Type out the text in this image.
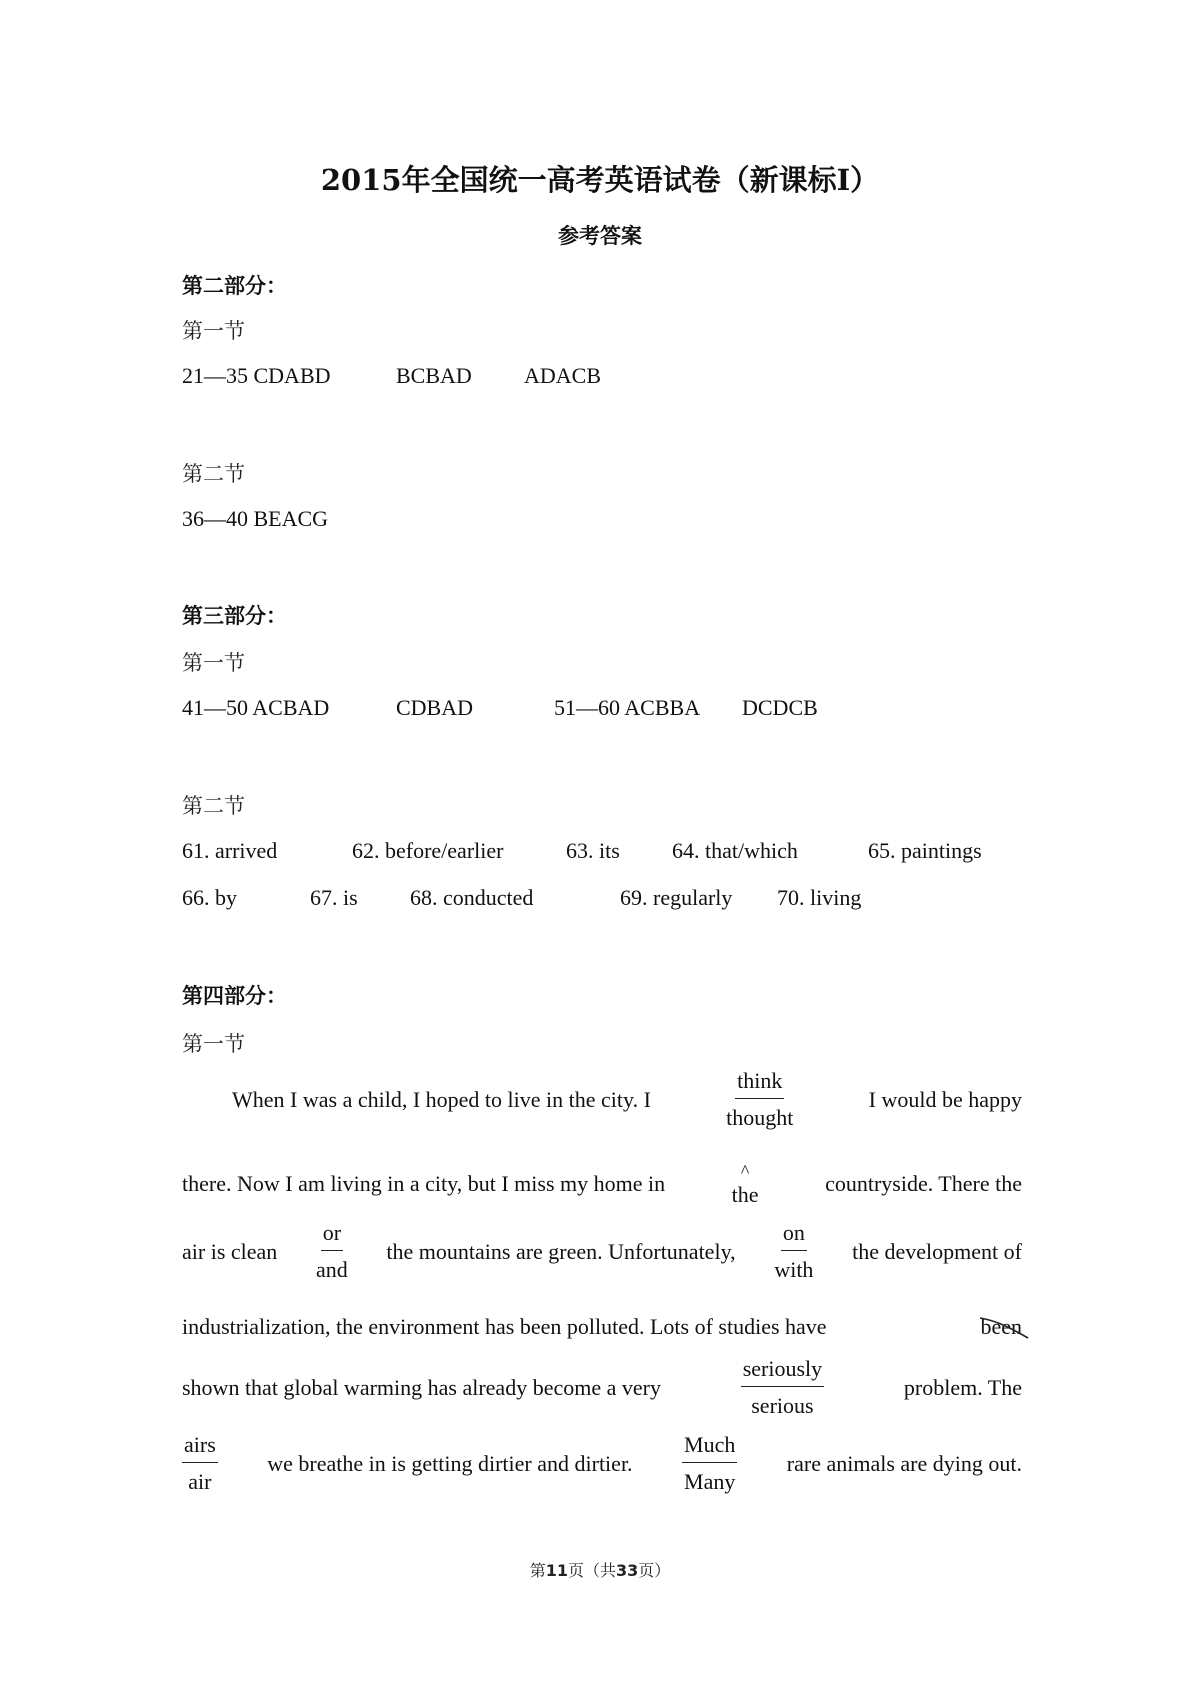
2015年全国统一高考英语试卷（新课标I）
参考答案
第二部分：
第一节
21—35 CDABD	BCBAD ADACB
第二节
36—40 BEACG
第三部分：
第一节
41—50 ACBAD	CDBAD	51—60 ACBBA DCDCB
第二节
61. arrived	62. before/earlier	63. its 64. that/which	65. paintings
66. by	67. is 68. conducted	69. regularly 70. living
第四部分：
第一节
When I was a child, I hoped to live in the city. I
think
thought
I would be happy
there. Now I am living in a city, but I miss my home in	^
the	countryside. There the
air is clean
or
and
the mountains are green. Unfortunately,
on
with
the development of
industrialization, the environment has been polluted. Lots of studies have	been
shown that global warming has already become a very
seriously
serious
problem. The
airs
air
we breathe in is getting dirtier and dirtier.
Much
Many
rare animals are dying out.
第11页（共33页）
